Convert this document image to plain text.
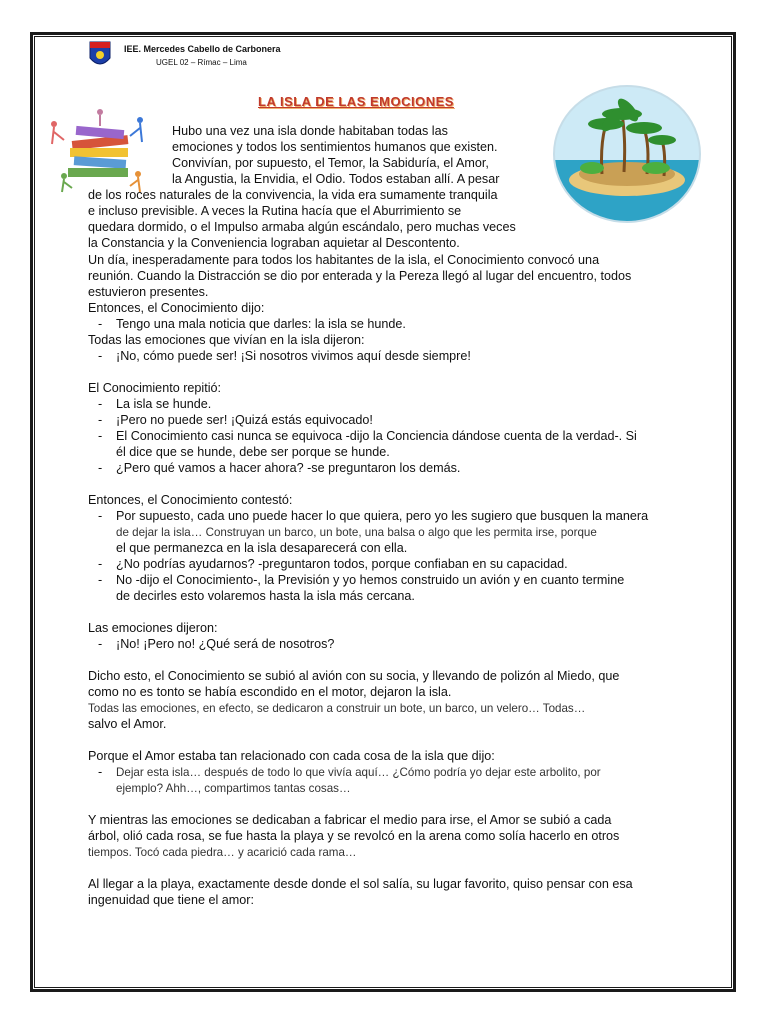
IEE. Mercedes Cabello de Carbonera
UGEL 02 – Rímac – Lima
LA ISLA DE LAS EMOCIONES
Hubo una vez una isla donde habitaban todas las
emociones y todos los sentimientos humanos que existen.
Convivían, por supuesto, el Temor, la Sabiduría, el Amor,
la Angustia, la Envidia, el Odio. Todos estaban allí. A pesar
de los roces naturales de la convivencia, la vida era sumamente tranquila
e incluso previsible. A veces la Rutina hacía que el Aburrimiento se
quedara dormido, o el Impulso armaba algún escándalo, pero muchas veces
la Constancia y la Conveniencia lograban aquietar al Descontento.
Un día, inesperadamente para todos los habitantes de la isla, el Conocimiento convocó una
reunión. Cuando la Distracción se dio por enterada y la Pereza llegó al lugar del encuentro, todos
estuvieron presentes.
Entonces, el Conocimiento dijo:
- Tengo una mala noticia que darles: la isla se hunde.
Todas las emociones que vivían en la isla dijeron:
- ¡No, cómo puede ser! ¡Si nosotros vivimos aquí desde siempre!
El Conocimiento repitió:
- La isla se hunde.
- ¡Pero no puede ser! ¡Quizá estás equivocado!
- El Conocimiento casi nunca se equivoca -dijo la Conciencia dándose cuenta de la verdad-. Si
él dice que se hunde, debe ser porque se hunde.
- ¿Pero qué vamos a hacer ahora? -se preguntaron los demás.
Entonces, el Conocimiento contestó:
- Por supuesto, cada uno puede hacer lo que quiera, pero yo les sugiero que busquen la manera
de dejar la isla… Construyan un barco, un bote, una balsa o algo que les permita irse, porque
el que permanezca en la isla desaparecerá con ella.
- ¿No podrías ayudarnos? -preguntaron todos, porque confiaban en su capacidad.
- No -dijo el Conocimiento-, la Previsión y yo hemos construido un avión y en cuanto termine
de decirles esto volaremos hasta la isla más cercana.
Las emociones dijeron:
- ¡No! ¡Pero no! ¿Qué será de nosotros?
Dicho esto, el Conocimiento se subió al avión con su socia, y llevando de polizón al Miedo, que
como no es tonto se había escondido en el motor, dejaron la isla.
Todas las emociones, en efecto, se dedicaron a construir un bote, un barco, un velero… Todas…
salvo el Amor.
Porque el Amor estaba tan relacionado con cada cosa de la isla que dijo:
- Dejar esta isla… después de todo lo que vivía aquí… ¿Cómo podría yo dejar este arbolito, por
ejemplo? Ahh…, compartimos tantas cosas…
Y mientras las emociones se dedicaban a fabricar el medio para irse, el Amor se subió a cada
árbol, olió cada rosa, se fue hasta la playa y se revolcó en la arena como solía hacerlo en otros
tiempos. Tocó cada piedra… y acarició cada rama…
Al llegar a la playa, exactamente desde donde el sol salía, su lugar favorito, quiso pensar con esa
ingenuidad que tiene el amor:
